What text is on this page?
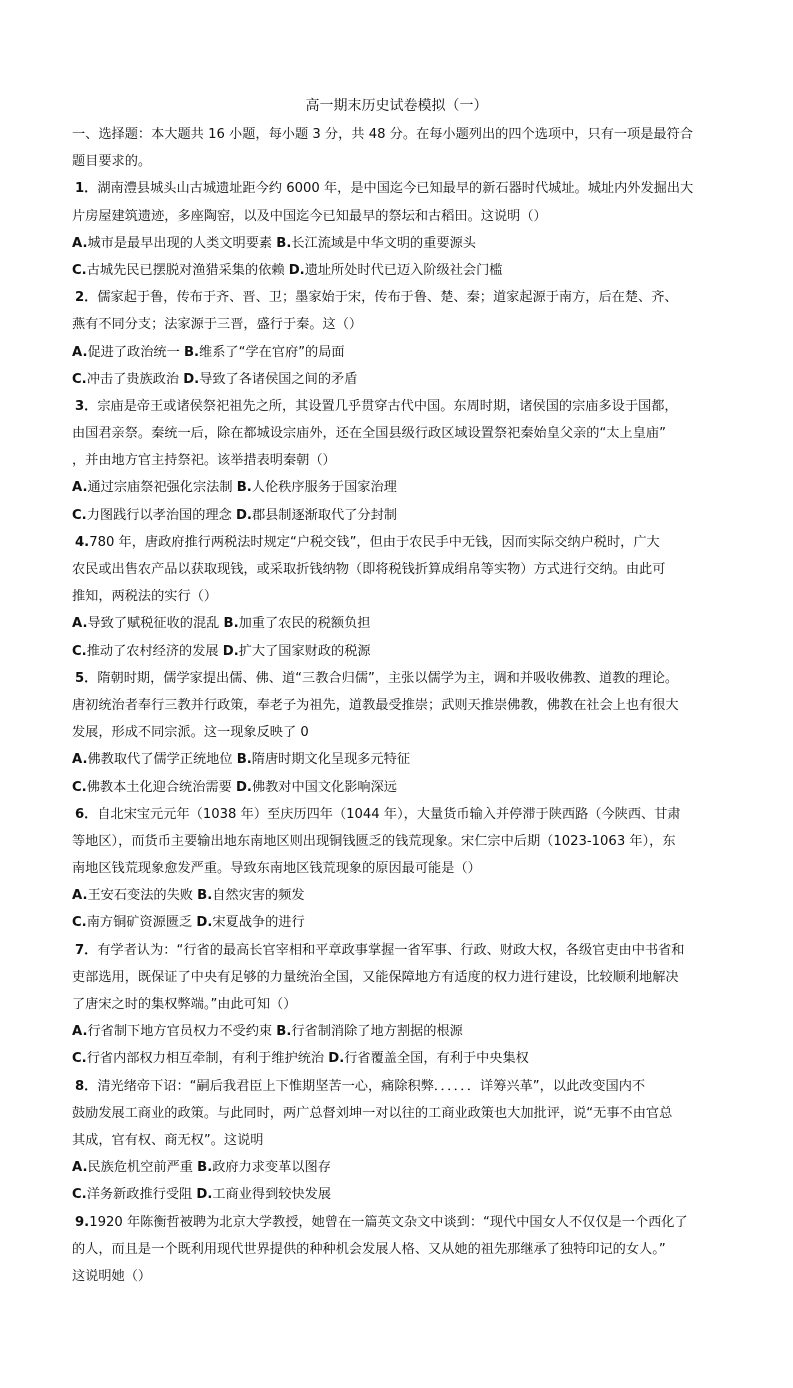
高一期末历史试卷模拟（一）
一、选择题：本大题共 16 小题，每小题 3 分，共 48 分。在每小题列出的四个选项中，只有一项是最符合
题目要求的。
1．湖南澧县城头山古城遗址距今约 6000 年，是中国迄今已知最早的新石器时代城址。城址内外发掘出大
片房屋建筑遗迹，多座陶窑，以及中国迄今已知最早的祭坛和古稻田。这说明（）
A.城市是最早出现的人类文明要素 B.长江流域是中华文明的重要源头
C.古城先民已摆脱对渔猎采集的依赖 D.遗址所处时代已迈入阶级社会门槛
2．儒家起于鲁，传布于齐、晋、卫；墨家始于宋，传布于鲁、楚、秦；道家起源于南方，后在楚、齐、
燕有不同分支；法家源于三晋，盛行于秦。这（）
A.促进了政治统一 B.维系了“学在官府”的局面
C.冲击了贵族政治 D.导致了各诸侯国之间的矛盾
3．宗庙是帝王或诸侯祭祀祖先之所，其设置几乎贯穿古代中国。东周时期，诸侯国的宗庙多设于国都，
由国君亲祭。秦统一后，除在都城设宗庙外，还在全国县级行政区域设置祭祀秦始皇父亲的“太上皇庙”
，并由地方官主持祭祀。该举措表明秦朝（）
A.通过宗庙祭祀强化宗法制 B.人伦秩序服务于国家治理
C.力图践行以孝治国的理念 D.郡县制逐渐取代了分封制
4.780 年，唐政府推行两税法时规定“户税交钱”，但由于农民手中无钱，因而实际交纳户税时，广大
农民或出售农产品以获取现钱，或采取折钱纳物（即将税钱折算成绢帛等实物）方式进行交纳。由此可
推知，两税法的实行（）
A.导致了赋税征收的混乱 B.加重了农民的税额负担
C.推动了农村经济的发展 D.扩大了国家财政的税源
5．隋朝时期，儒学家提出儒、佛、道“三教合归儒”，主张以儒学为主，调和并吸收佛教、道教的理论。
唐初统治者奉行三教并行政策，奉老子为祖先，道教最受推崇；武则天推崇佛教，佛教在社会上也有很大
发展，形成不同宗派。这一现象反映了 0
A.佛教取代了儒学正统地位 B.隋唐时期文化呈现多元特征
C.佛教本土化迎合统治需要 D.佛教对中国文化影响深远
6．自北宋宝元元年（1038 年）至庆历四年（1044 年），大量货币输入并停滞于陕西路（今陕西、甘肃
等地区），而货币主要输出地东南地区则出现铜钱匮乏的钱荒现象。宋仁宗中后期（1023-1063 年），东
南地区钱荒现象愈发严重。导致东南地区钱荒现象的原因最可能是（）
A.王安石变法的失败 B.自然灾害的频发
C.南方铜矿资源匮乏 D.宋夏战争的进行
7．有学者认为：“行省的最高长官宰相和平章政事掌握一省军事、行政、财政大权，各级官吏由中书省和
吏部选用，既保证了中央有足够的力量统治全国，又能保障地方有适度的权力进行建设，比较顺利地解决
了唐宋之时的集权弊端。”由此可知（）
A.行省制下地方官员权力不受约束 B.行省制消除了地方割据的根源
C.行省内部权力相互牵制，有利于维护统治 D.行省覆盖全国，有利于中央集权
8．清光绪帝下诏：“嗣后我君臣上下惟期坚苦一心，痛除积弊．．．．．．详筹兴革”，以此改变国内不
鼓励发展工商业的政策。与此同时，两广总督刘坤一对以往的工商业政策也大加批评，说“无事不由官总
其成，官有权、商无权”。这说明
A.民族危机空前严重 B.政府力求变革以图存
C.洋务新政推行受阻 D.工商业得到较快发展
9.1920 年陈衡哲被聘为北京大学教授，她曾在一篇英文杂文中谈到：“现代中国女人不仅仅是一个西化了
的人，而且是一个既利用现代世界提供的种种机会发展人格、又从她的祖先那继承了独特印记的女人。”
这说明她（）
